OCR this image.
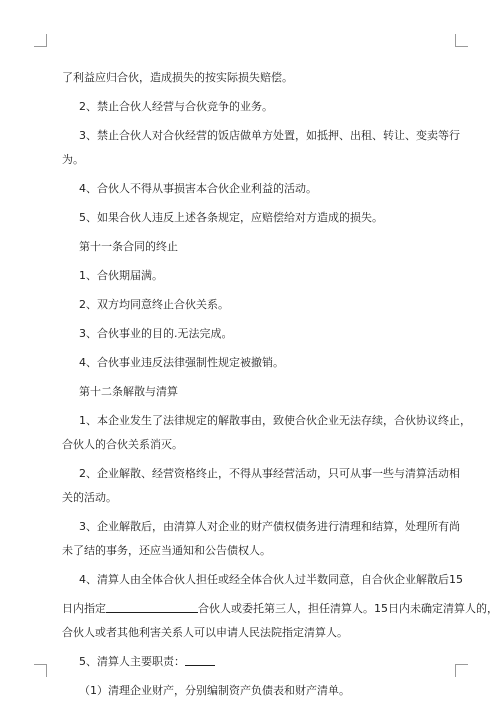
了利益应归合伙，造成损失的按实际损失赔偿。
2、禁止合伙人经营与合伙竞争的业务。
3、禁止合伙人对合伙经营的饭店做单方处置，如抵押、出租、转让、变卖等行
为。
4、合伙人不得从事损害本合伙企业利益的活动。
5、如果合伙人违反上述各条规定，应赔偿给对方造成的损失。
第十一条合同的终止
1、合伙期届满。
2、双方均同意终止合伙关系。
3、合伙事业的目的.无法完成。
4、合伙事业违反法律强制性规定被撤销。
第十二条解散与清算
1、本企业发生了法律规定的解散事由，致使合伙企业无法存续，合伙协议终止，
合伙人的合伙关系消灭。
2、企业解散、经营资格终止，不得从事经营活动，只可从事一些与清算活动相
关的活动。
3、企业解散后，由清算人对企业的财产债权债务进行清理和结算，处理所有尚
未了结的事务，还应当通知和公告债权人。
4、清算人由全体合伙人担任或经全体合伙人过半数同意，自合伙企业解散后15
日内指定	合伙人或委托第三人，担任清算人。15日内未确定清算人的，
合伙人或者其他利害关系人可以申请人民法院指定清算人。
5、清算人主要职责：
（1）清理企业财产，分别编制资产负债表和财产清单。
